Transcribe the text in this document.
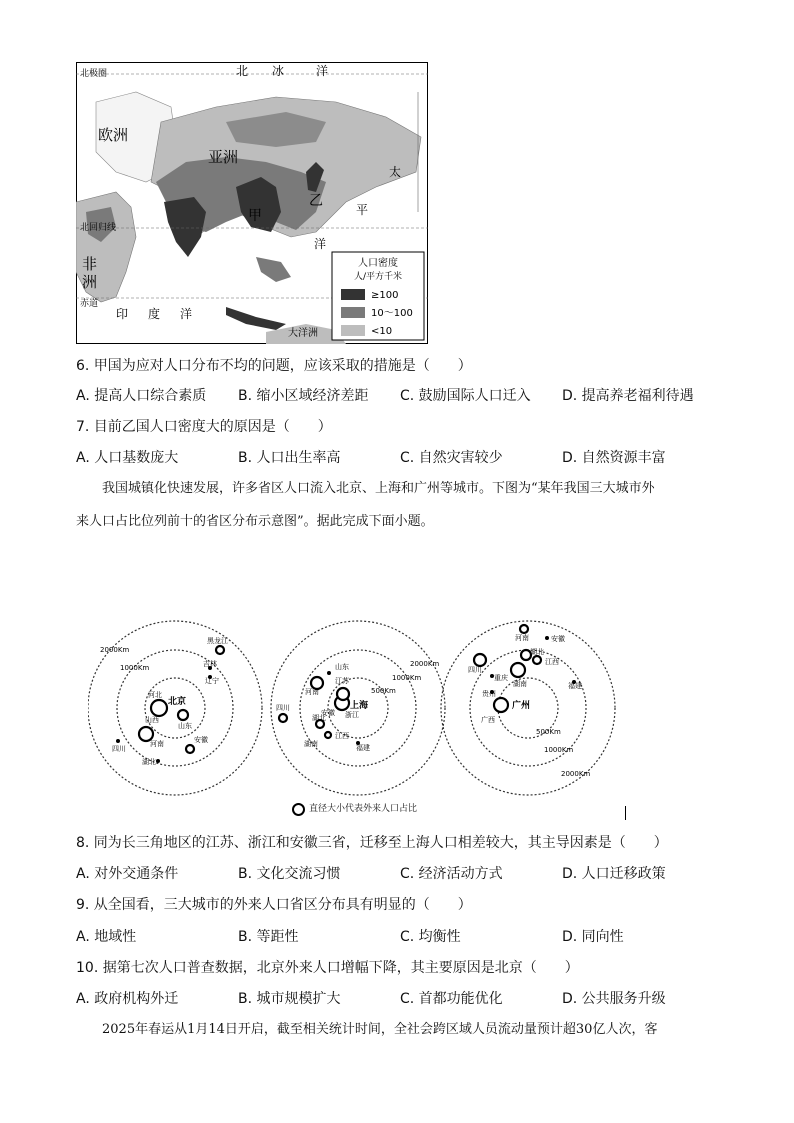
北极圈
北回归线
赤道
欧洲
亚洲
非
洲
大洋洲
甲
乙
北 冰	洋
太
平
洋
印 度 洋
人口密度
人/平方千米
≥100
10～100
<10
6. 甲国为应对人口分布不均的问题，应该采取的措施是（　　）
A. 提高人口综合素质 B. 缩小区域经济差距 C. 鼓励国际人口迁入 D. 提高养老福利待遇
7. 目前乙国人口密度大的原因是（　　）
A. 人口基数庞大	B. 人口出生率高	C. 自然灾害较少	D. 自然资源丰富
　　我国城镇化快速发展，许多省区人口流入北京、上海和广州等城市。下图为“某年我国三大城市外
来人口占比位列前十的省区分布示意图”。据此完成下面小题。
2000Km
1000Km	2000Km
1000Km
500Km
500Km
1000Km
2000Km
北京	上海	广州
黑龙江
吉林
辽宁
河北
山西
山东
河南	安徽
四川
湖北
山东
江苏
河南
安徽 浙江
四川
湖北
江西
湖南	福建
河南	安徽
湖北
江西
四川
重庆
湖南	福建
广西
贵州
直径大小代表外来人口占比
8. 同为长三角地区的江苏、浙江和安徽三省，迁移至上海人口相差较大，其主导因素是（　　）
A. 对外交通条件	B. 文化交流习惯	C. 经济活动方式	D. 人口迁移政策
9. 从全国看，三大城市的外来人口省区分布具有明显的（　　）
A. 地域性	B. 等距性	C. 均衡性	D. 同向性
10. 据第七次人口普查数据，北京外来人口增幅下降，其主要原因是北京（　　）
A. 政府机构外迁	B. 城市规模扩大	C. 首都功能优化	D. 公共服务升级
　　2025年春运从1月14日开启，截至相关统计时间，全社会跨区域人员流动量预计超30亿人次，客
